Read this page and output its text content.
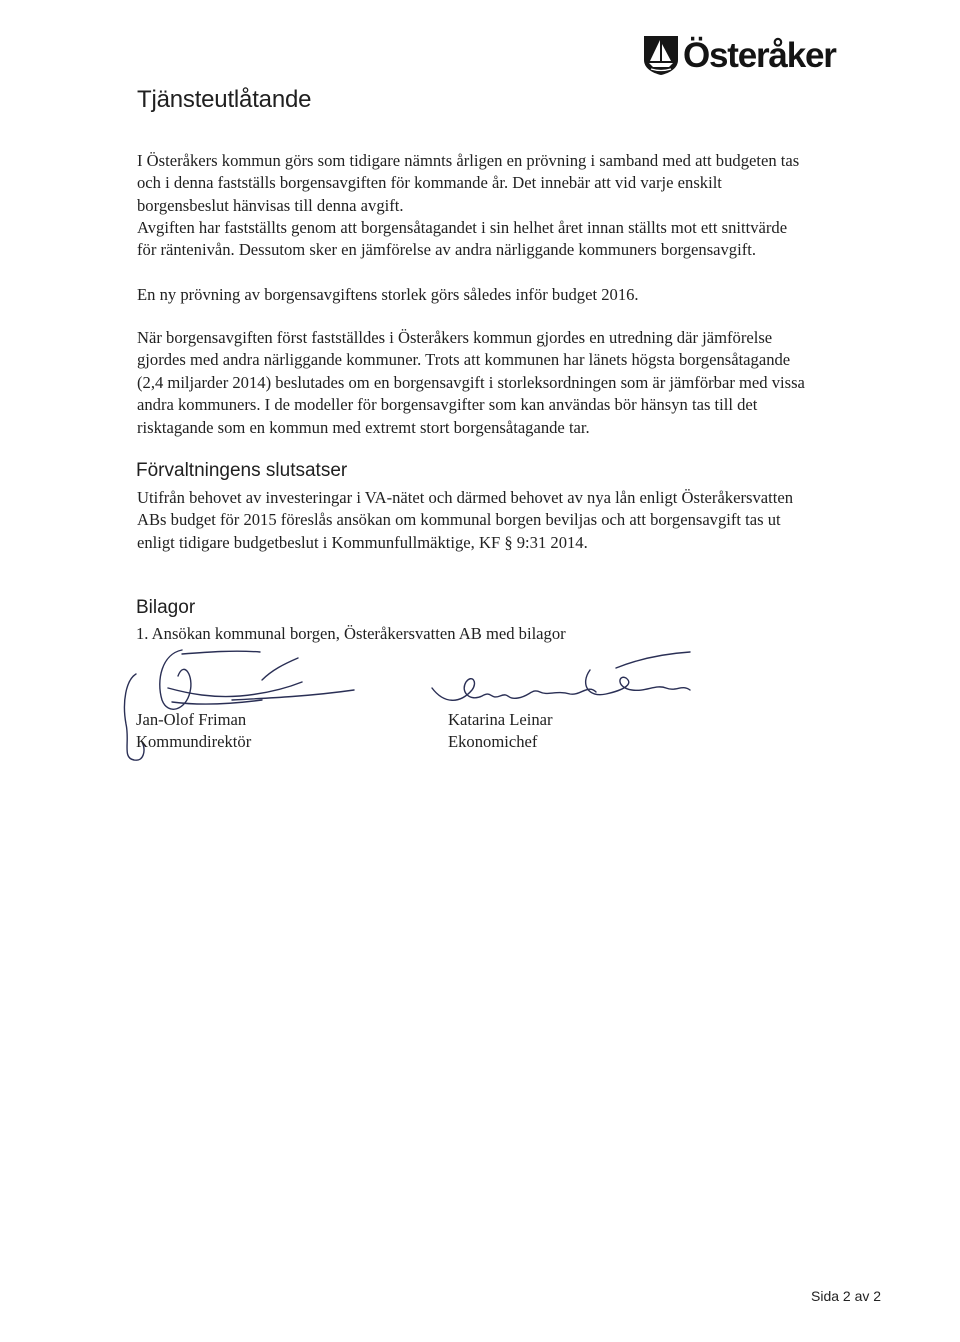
Österåker
Tjänsteutlåtande

I Österåkers kommun görs som tidigare nämnts årligen en prövning i samband med att budgeten tas
och i denna fastställs borgensavgiften för kommande år. Det innebär att vid varje enskilt
borgensbeslut hänvisas till denna avgift.

Avgiften har fastställts genom att borgensåtagandet i sin helhet året innan ställts mot ett snittvärde
för räntenivån. Dessutom sker en jämförelse av andra närliggande kommuners borgensavgift.

En ny prövning av borgensavgiftens storlek görs således inför budget 2016.

När borgensavgiften först fastställdes i Österåkers kommun gjordes en utredning där jämförelse
gjordes med andra närliggande kommuner. Trots att kommunen har länets högsta borgensåtagande
(2,4 miljarder 2014) beslutades om en borgensavgift i storleksordningen som är jämförbar med vissa
andra kommuners. I de modeller för borgensavgifter som kan användas bör hänsyn tas till det
risktagande som en kommun med extremt stort borgensåtagande tar.

Förvaltningens slutsatser

Utifrån behovet av investeringar i VA-nätet och därmed behovet av nya lån enligt Österåkersvatten
ABs budget för 2015 föreslås ansökan om kommunal borgen beviljas och att borgensavgift tas ut
enligt tidigare budgetbeslut i Kommunfullmäktige, KF § 9:31 2014.

Bilagor

1. Ansökan kommunal borgen, Österåkersvatten AB med bilagor

Jan-Olof Friman
Kommundirektör
Katarina Leinar
Ekonomichef

Sida 2 av 2
